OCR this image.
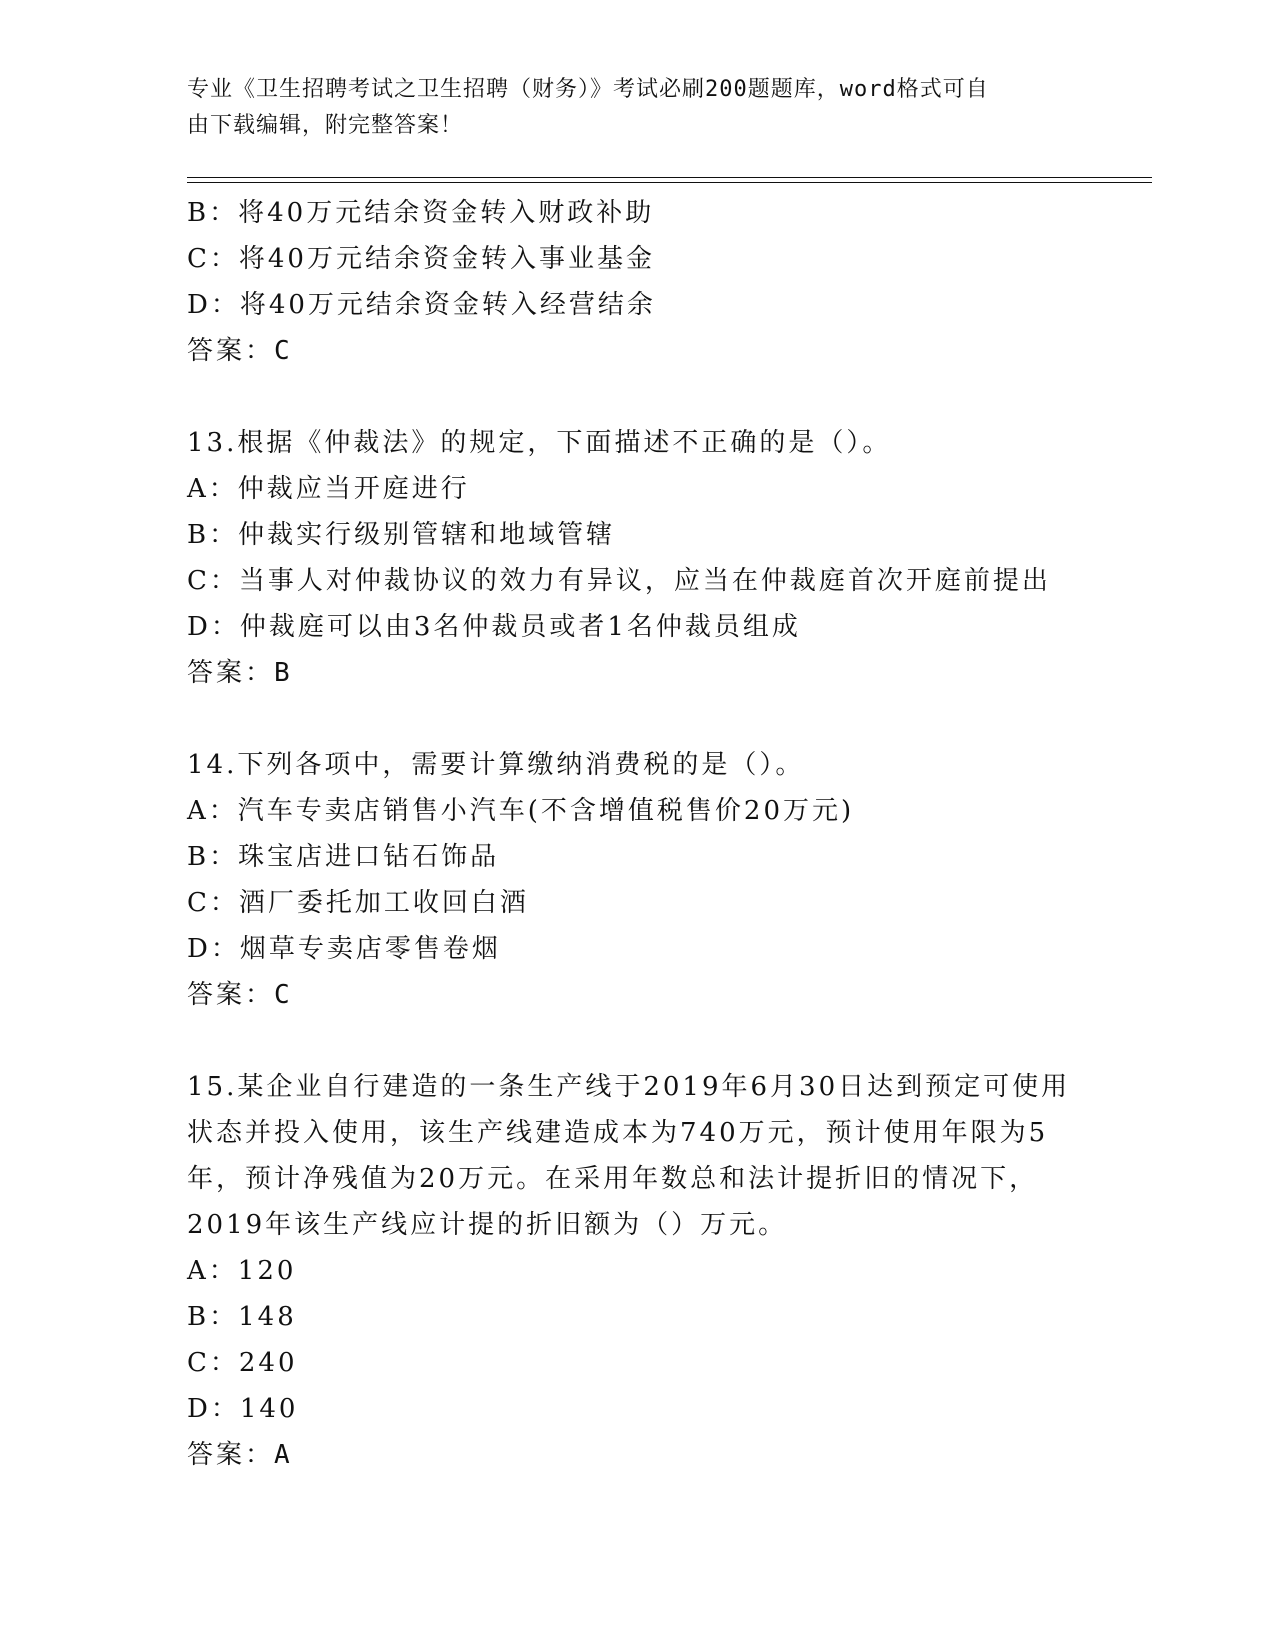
专业《卫生招聘考试之卫生招聘（财务）》考试必刷200题题库，word格式可自
由下载编辑，附完整答案！
B：将40万元结余资金转入财政补助
C：将40万元结余资金转入事业基金
D：将40万元结余资金转入经营结余
答案：C
13.根据《仲裁法》的规定，下面描述不正确的是（）。
A：仲裁应当开庭进行
B：仲裁实行级别管辖和地域管辖
C：当事人对仲裁协议的效力有异议，应当在仲裁庭首次开庭前提出
D：仲裁庭可以由3名仲裁员或者1名仲裁员组成
答案：B
14.下列各项中，需要计算缴纳消费税的是（）。
A：汽车专卖店销售小汽车(不含增值税售价20万元)
B：珠宝店进口钻石饰品
C：酒厂委托加工收回白酒
D：烟草专卖店零售卷烟
答案：C
15.某企业自行建造的一条生产线于2019年6月30日达到预定可使用
状态并投入使用，该生产线建造成本为740万元，预计使用年限为5
年，预计净残值为20万元。在采用年数总和法计提折旧的情况下，
2019年该生产线应计提的折旧额为（）万元。
A：120
B：148
C：240
D：140
答案：A
